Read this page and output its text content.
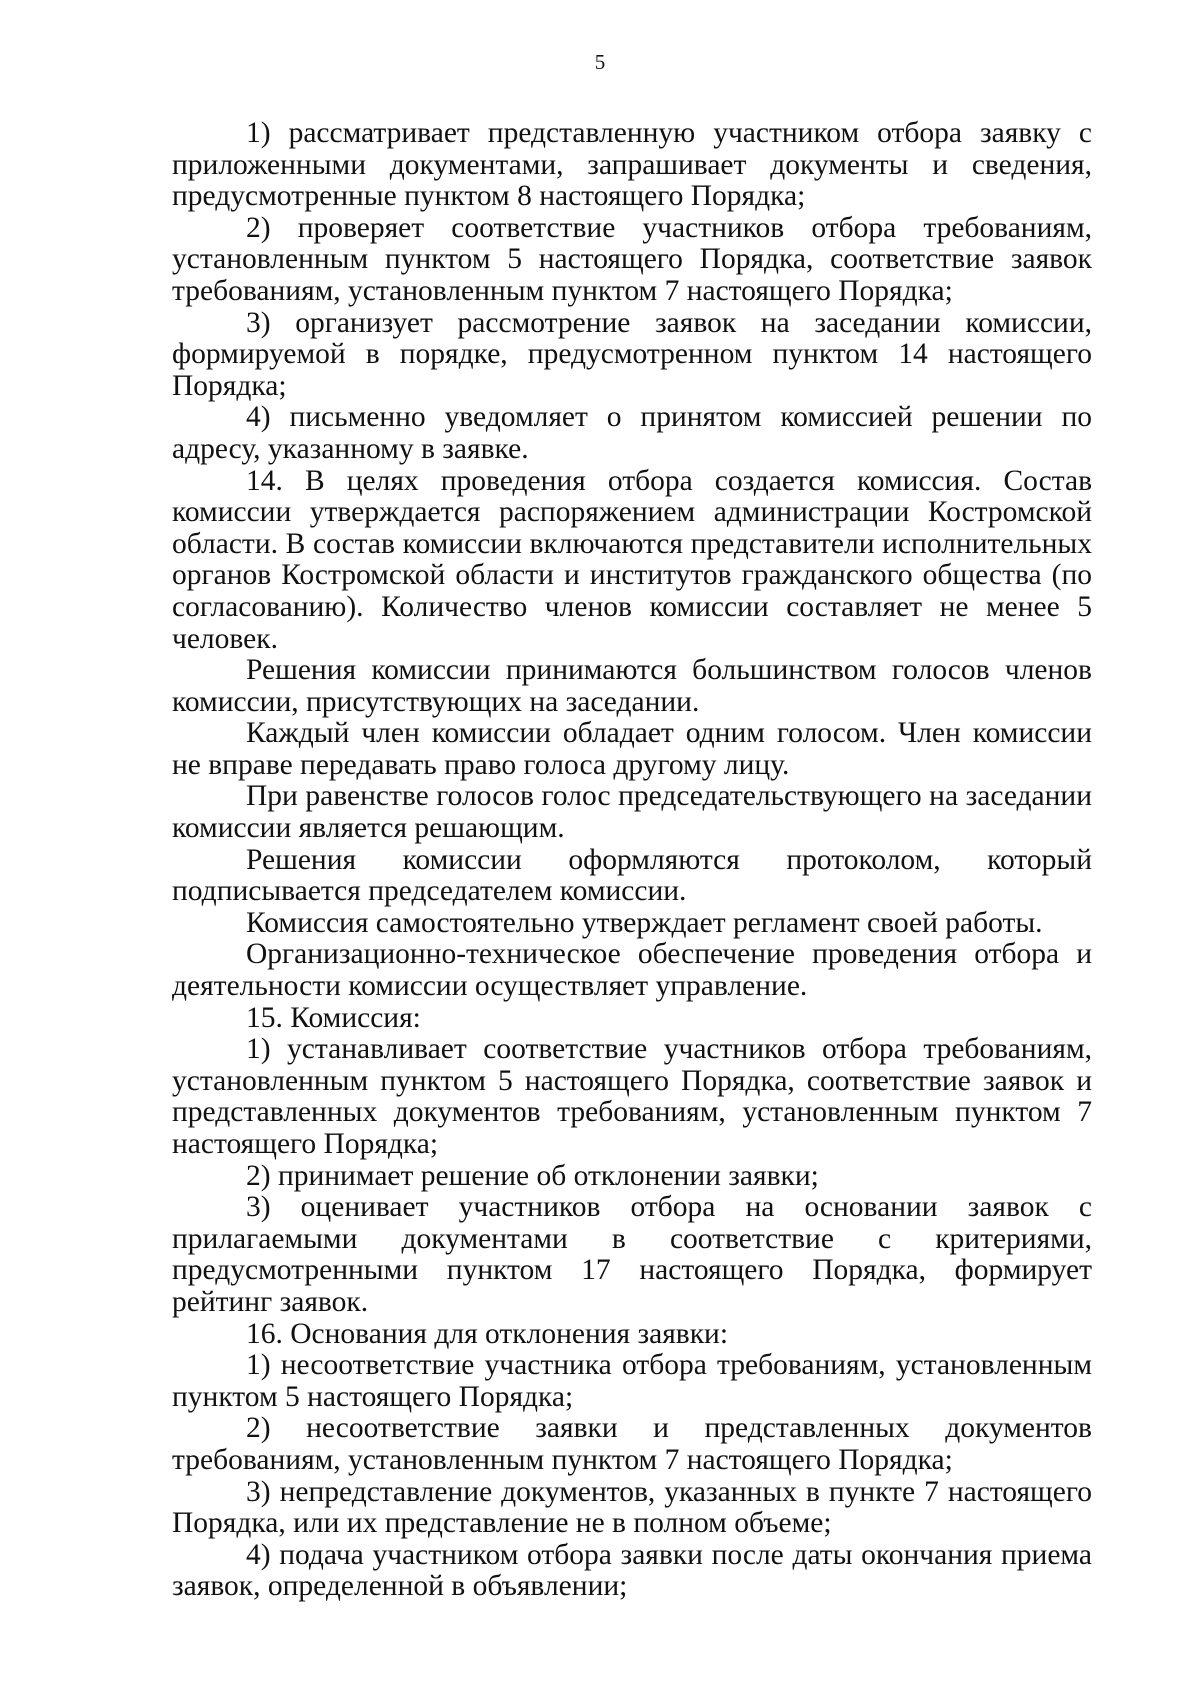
5

1) рассматривает представленную участником отбора заявку с приложенными документами, запрашивает документы и сведения, предусмотренные пунктом 8 настоящего Порядка;

2) проверяет соответствие участников отбора требованиям, установленным пунктом 5 настоящего Порядка, соответствие заявок требованиям, установленным пунктом 7 настоящего Порядка;

3) организует рассмотрение заявок на заседании комиссии, формируемой в порядке, предусмотренном пунктом 14 настоящего Порядка;

4) письменно уведомляет о принятом комиссией решении по адресу, указанному в заявке.

14. В целях проведения отбора создается комиссия. Состав комиссии утверждается распоряжением администрации Костромской области. В состав комиссии включаются представители исполнительных органов Костромской области и институтов гражданского общества (по согласованию). Количество членов комиссии составляет не менее 5 человек.

Решения комиссии принимаются большинством голосов членов комиссии, присутствующих на заседании.

Каждый член комиссии обладает одним голосом. Член комиссии не вправе передавать право голоса другому лицу.

При равенстве голосов голос председательствующего на заседании комиссии является решающим.

Решения комиссии оформляются протоколом, который подписывается председателем комиссии.

Комиссия самостоятельно утверждает регламент своей работы.

Организационно-техническое обеспечение проведения отбора и деятельности комиссии осуществляет управление.

15. Комиссия:

1) устанавливает соответствие участников отбора требованиям, установленным пунктом 5 настоящего Порядка, соответствие заявок и представленных документов требованиям, установленным пунктом 7 настоящего Порядка;

2) принимает решение об отклонении заявки;

3) оценивает участников отбора на основании заявок с прилагаемыми документами в соответствие с критериями, предусмотренными пунктом 17 настоящего Порядка, формирует рейтинг заявок.

16. Основания для отклонения заявки:

1) несоответствие участника отбора требованиям, установленным пунктом 5 настоящего Порядка;

2) несоответствие заявки и представленных документов требованиям, установленным пунктом 7 настоящего Порядка;

3) непредставление документов, указанных в пункте 7 настоящего Порядка, или их представление не в полном объеме;

4) подача участником отбора заявки после даты окончания приема заявок, определенной в объявлении;
